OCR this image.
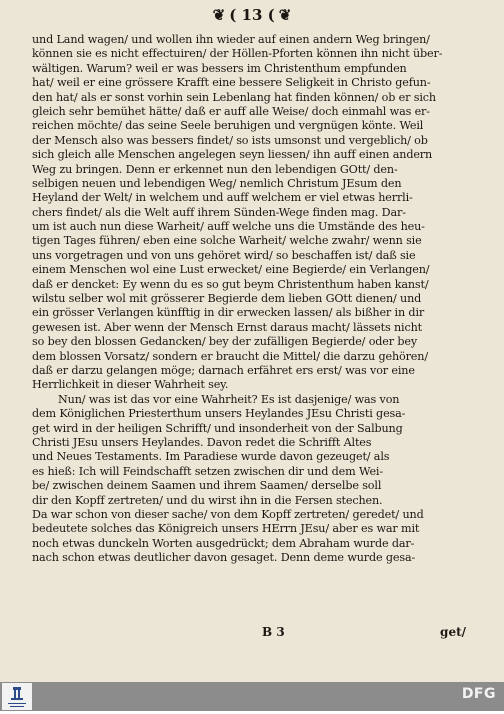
❦ ( 13 ( ❦
und Land wagen/ und wollen ihn wieder auf einen andern Weg bringen/
können sie es nicht effectuiren/ der Höllen-Pforten können ihn nicht über-
wältigen. Warum? weil er was bessers im Christenthum empfunden
hat/ weil er eine grössere Krafft eine bessere Seligkeit in Christo gefun-
den hat/ als er sonst vorhin sein Lebenlang hat finden können/ ob er sich
gleich sehr bemühet hätte/ daß er auff alle Weise/ doch einmahl was er-
reichen möchte/ das seine Seele beruhigen und vergnügen könte. Weil
der Mensch also was bessers findet/ so ists umsonst und vergeblich/ ob
sich gleich alle Menschen angelegen seyn liessen/ ihn auff einen andern
Weg zu bringen. Denn er erkennet nun den lebendigen GOtt/ den-
selbigen neuen und lebendigen Weg/ nemlich Christum JEsum den
Heyland der Welt/ in welchem und auff welchem er viel etwas herrli-
chers findet/ als die Welt auff ihrem Sünden-Wege finden mag. Dar-
um ist auch nun diese Warheit/ auff welche uns die Umstände des heu-
tigen Tages führen/ eben eine solche Warheit/ welche zwahr/ wenn sie
uns vorgetragen und von uns gehöret wird/ so beschaffen ist/ daß sie
einem Menschen wol eine Lust erwecket/ eine Begierde/ ein Verlangen/
daß er dencket: Ey wenn du es so gut beym Christenthum haben kanst/
wilstu selber wol mit grösserer Begierde dem lieben GOtt dienen/ und
ein grösser Verlangen künfftig in dir erwecken lassen/ als bißher in dir
gewesen ist. Aber wenn der Mensch Ernst daraus macht/ lässets nicht
so bey den blossen Gedancken/ bey der zufälligen Begierde/ oder bey
dem blossen Vorsatz/ sondern er braucht die Mittel/ die darzu gehören/
daß er darzu gelangen möge; darnach erfähret ers erst/ was vor eine
Herrlichkeit in dieser Wahrheit sey.
Nun/ was ist das vor eine Wahrheit? Es ist dasjenige/ was von
dem Königlichen Priesterthum unsers Heylandes JEsu Christi gesa-
get wird in der heiligen Schrifft/ und insonderheit von der Salbung
Christi JEsu unsers Heylandes. Davon redet die Schrifft Altes
und Neues Testaments. Im Paradiese wurde davon gezeuget/ als
es hieß: Ich will Feindschafft setzen zwischen dir und dem Wei-
be/ zwischen deinem Saamen und ihrem Saamen/ derselbe soll
dir den Kopff zertreten/ und du wirst ihn in die Fersen stechen.
Da war schon von dieser sache/ von dem Kopff zertreten/ geredet/ und
bedeutete solches das Königreich unsers HErrn JEsu/ aber es war mit
noch etwas dunckeln Worten ausgedrückt; dem Abraham wurde dar-
nach schon etwas deutlicher davon gesaget. Denn deme wurde gesa-
B 3	get/
DFG
